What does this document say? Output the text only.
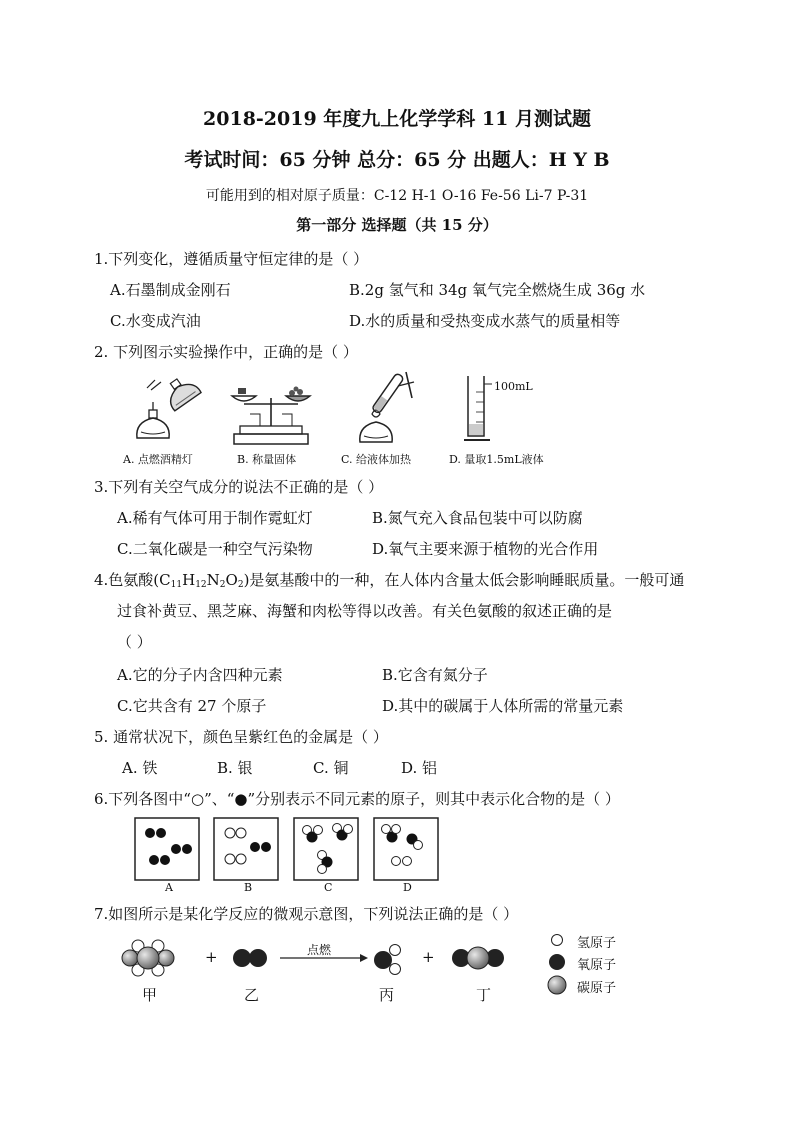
2018-2019 年度九上化学学科 11 月测试题
考试时间：65 分钟 总分：65 分 出题人：H Y B
可能用到的相对原子质量：C-12 H-1 O-16 Fe-56 Li-7 P-31
第一部分 选择题（共 15 分）
1.下列变化，遵循质量守恒定律的是（ ）
A.石墨制成金刚石	B.2g 氢气和 34g 氧气完全燃烧生成 36g 水
C.水变成汽油	D.水的质量和受热变成水蒸气的质量相等
2. 下列图示实验操作中，正确的是（ ）
A. 点燃酒精灯	B. 称量固体	C. 给液体加热
100mL
D. 量取1.5mL液体
3.下列有关空气成分的说法不正确的是（ ）
A.稀有气体可用于制作霓虹灯	B.氮气充入食品包装中可以防腐
C.二氧化碳是一种空气污染物	D.氧气主要来源于植物的光合作用
4.色氨酸$(C_{11}H_{12}N_2O_2)$是氨基酸中的一种，在人体内含量太低会影响睡眠质量。一般可通
过食补黄豆、黑芝麻、海蟹和肉松等得以改善。有关色氨酸的叙述正确的是
（ ）
A.它的分子内含四种元素	B.它含有氮分子
C.它共含有 27 个原子	D.其中的碳属于人体所需的常量元素
5. 通常状况下，颜色呈紫红色的金属是（ ）
A. 铁	B. 银	C. 铜	D. 铝
6.下列各图中“○”、“●”分别表示不同元素的原子，则其中表示化合物的是（ ）
A	B	C	D
7.如图所示是某化学反应的微观示意图，下列说法正确的是（ ）
+	+
点燃
甲	乙	丙	丁
氢原子
氧原子
碳原子
